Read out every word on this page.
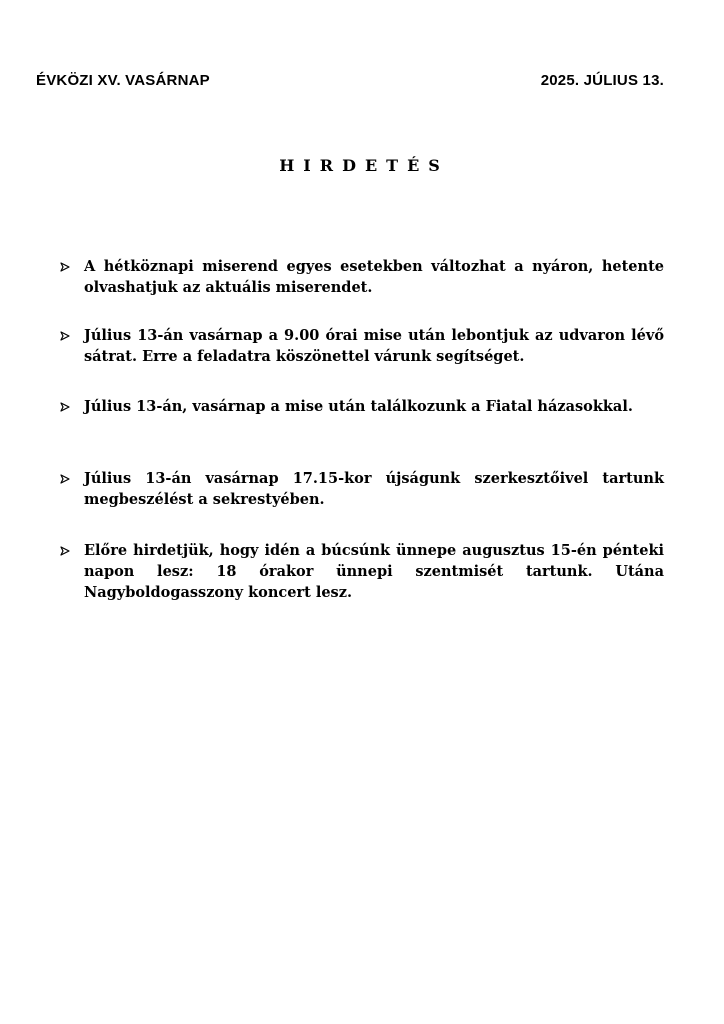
ÉVKÖZI XV. VASÁRNAP	2025. JÚLIUS 13.
HIRDETÉS
A hétköznapi miserend egyes esetekben változhat a nyáron, hetente olvashatjuk az aktuális miserendet.
Július 13-án vasárnap a 9.00 órai mise után lebontjuk az udvaron lévő sátrat. Erre a feladatra köszönettel várunk segítséget.
Július 13-án, vasárnap a mise után találkozunk a Fiatal házasokkal.
Július 13-án vasárnap 17.15-kor újságunk szerkesztőivel tartunk megbeszélést a sekrestyében.
Előre hirdetjük, hogy idén a búcsúnk ünnepe augusztus 15-én pénteki napon lesz: 18 órakor ünnepi szentmisét tartunk. Utána Nagyboldogasszony koncert lesz.
